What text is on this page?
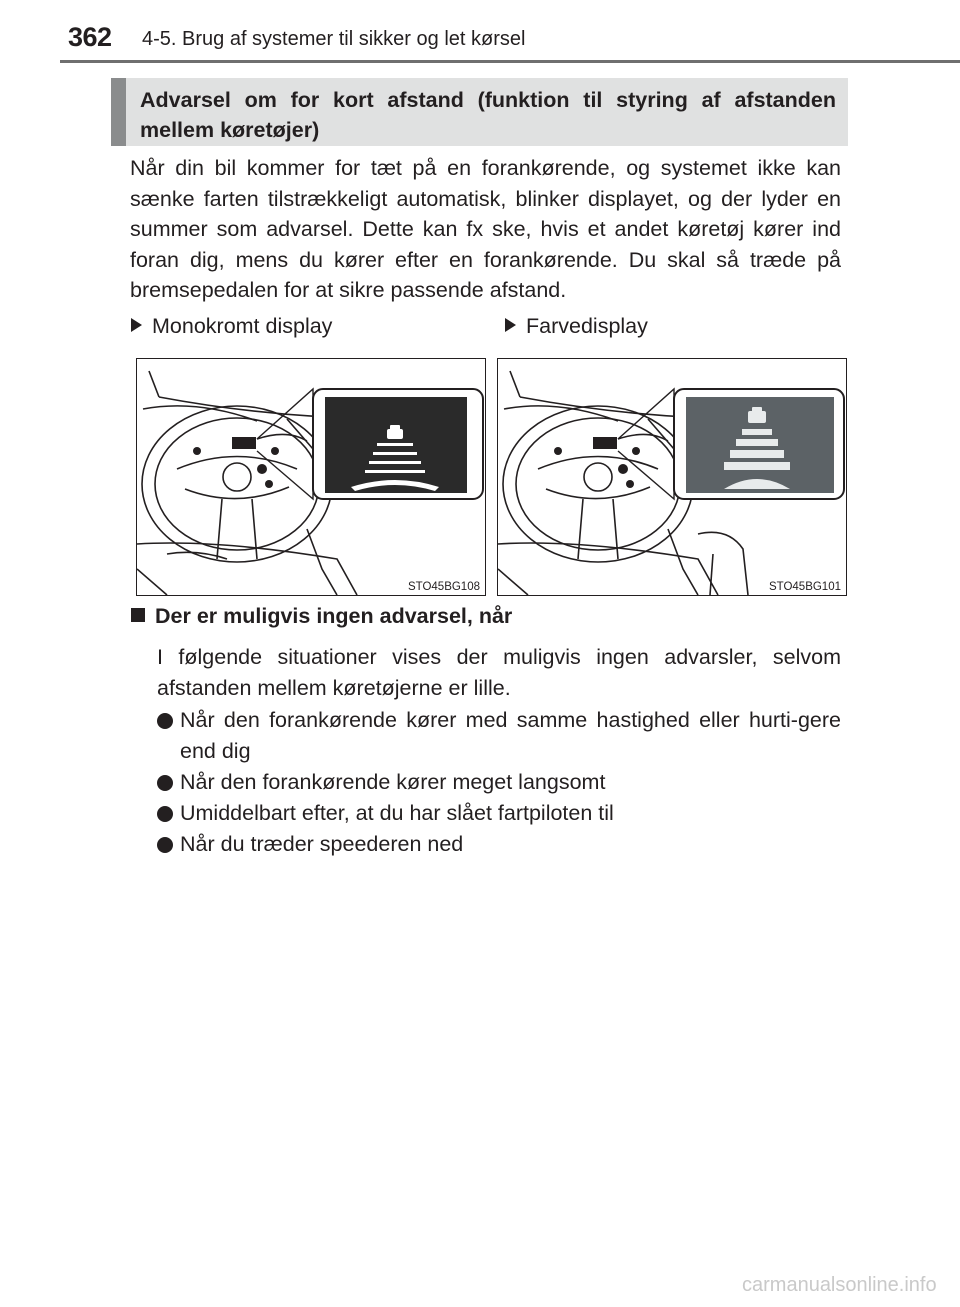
362 4-5. Brug af systemer til sikker og let kørsel
Advarsel om for kort afstand (funktion til styring af afstanden mellem køretøjer)

Når din bil kommer for tæt på en forankørende, og systemet ikke kan sænke farten tilstrækkeligt automatisk, blinker displayet, og der lyder en summer som advarsel. Dette kan fx ske, hvis et andet køretøj kører ind foran dig, mens du kører efter en forankørende. Du skal så træde på bremsepedalen for at sikre passende afstand.

Monokromt display	Farvedisplay
STO45BG108	STO45BG101
Der er muligvis ingen advarsel, når

I følgende situationer vises der muligvis ingen advarsler, selvom afstanden mellem køretøjerne er lille.

Når den forankørende kører med samme hastighed eller hurti-gere end dig
Når den forankørende kører meget langsomt
Umiddelbart efter, at du har slået fartpiloten til
Når du træder speederen ned
carmanualsonline.info
